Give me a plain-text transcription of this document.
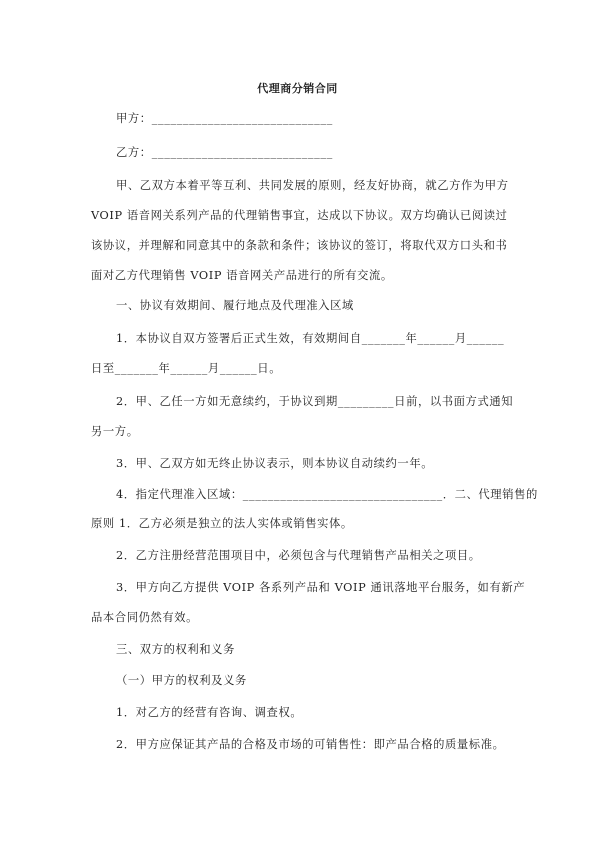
代理商分销合同
甲方：_____________________________
乙方：_____________________________
甲、乙双方本着平等互利、共同发展的原则，经友好协商，就乙方作为甲方
VOIP 语音网关系列产品的代理销售事宜，达成以下协议。双方均确认已阅读过
该协议，并理解和同意其中的条款和条件；该协议的签订，将取代双方口头和书
面对乙方代理销售 VOIP 语音网关产品进行的所有交流。
一、协议有效期间、履行地点及代理准入区域
1．本协议自双方签署后正式生效，有效期间自_______年______月______
日至_______年______月______日。
2．甲、乙任一方如无意续约，于协议到期_________日前，以书面方式通知
另一方。
3．甲、乙双方如无终止协议表示，则本协议自动续约一年。
4．指定代理准入区域：________________________________．二、代理销售的
原则 1．乙方必须是独立的法人实体或销售实体。
2．乙方注册经营范围项目中，必须包含与代理销售产品相关之项目。
3．甲方向乙方提供 VOIP 各系列产品和 VOIP 通讯落地平台服务，如有新产
品本合同仍然有效。
三、双方的权利和义务
（一）甲方的权利及义务
1．对乙方的经营有咨询、调查权。
2．甲方应保证其产品的合格及市场的可销售性：即产品合格的质量标准。
